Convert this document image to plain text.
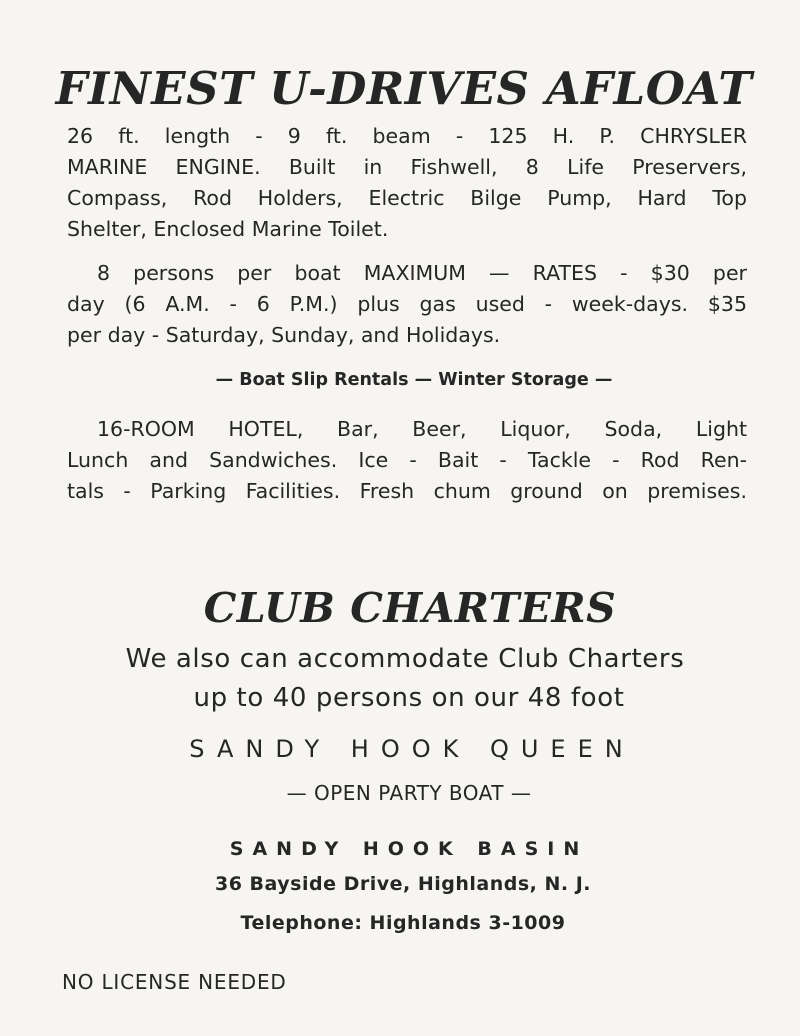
FINEST U-DRIVES AFLOAT

26 ft. length - 9 ft. beam - 125 H. P. CHRYSLER
MARINE ENGINE. Built in Fishwell, 8 Life Preservers,
Compass, Rod Holders, Electric Bilge Pump, Hard Top
Shelter, Enclosed Marine Toilet.

8 persons per boat MAXIMUM — RATES - $30 per
day (6 A.M. - 6 P.M.) plus gas used - week-days. $35
per day - Saturday, Sunday, and Holidays.

— Boat Slip Rentals — Winter Storage —

16-ROOM HOTEL, Bar, Beer, Liquor, Soda, Light
Lunch and Sandwiches. Ice - Bait - Tackle - Rod Ren-
tals - Parking Facilities. Fresh chum ground on premises.

CLUB CHARTERS

We also can accommodate Club Charters

up to 40 persons on our 48 foot

SANDY HOOK QUEEN

— OPEN PARTY BOAT —

SANDY HOOK BASIN

36 Bayside Drive, Highlands, N. J.

Telephone: Highlands 3-1009

NO LICENSE NEEDED
